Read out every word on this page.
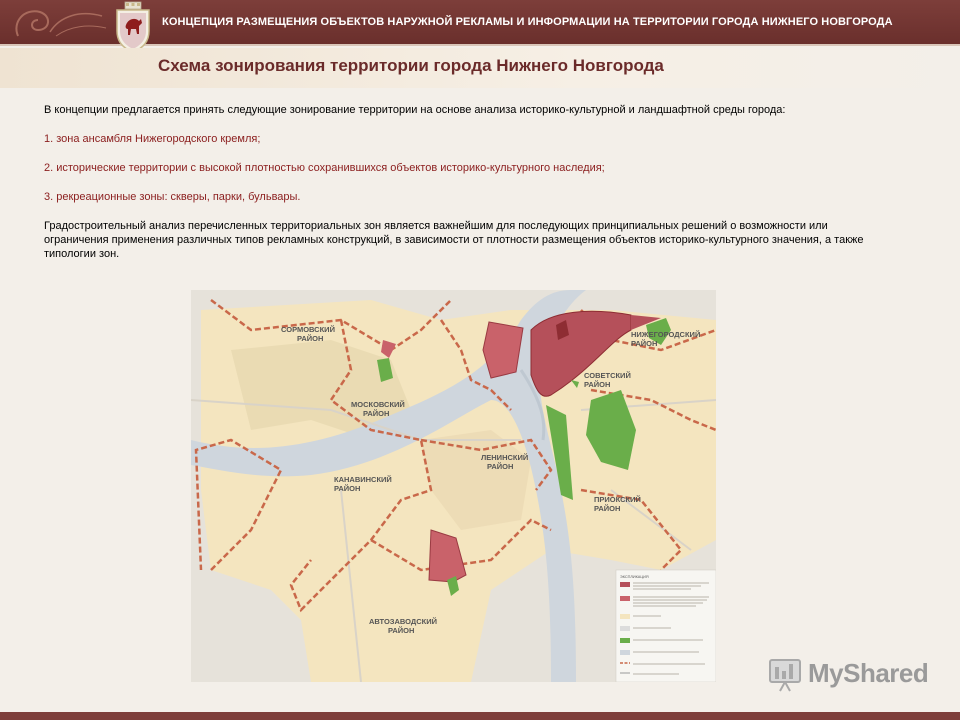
КОНЦЕПЦИЯ РАЗМЕЩЕНИЯ ОБЪЕКТОВ НАРУЖНОЙ РЕКЛАМЫ И ИНФОРМАЦИИ НА ТЕРРИТОРИИ ГОРОДА НИЖНЕГО НОВГОРОДА
Схема зонирования территории города Нижнего Новгорода

В концепции предлагается принять следующие зонирование территории на основе анализа историко-культурной и ландшафтной среды города:

1. зона ансамбля Нижегородского кремля;

2. исторические территории с высокой плотностью сохранившихся объектов историко-культурного наследия;

3. рекреационные зоны: скверы, парки, бульвары.

Градостроительный анализ перечисленных территориальных зон является важнейшим для последующих принципиальных решений о возможности или ограничения применения различных типов рекламных конструкций, в зависимости от плотности размещения объектов историко-культурного значения, а также типологии зон.

СОРМОВСКИЙ
РАЙОН
МОСКОВСКИЙ
РАЙОН
НИЖЕГОРОДСКИЙ
РАЙОН
СОВЕТСКИЙ
РАЙОН
ЛЕНИНСКИЙ
РАЙОН
КАНАВИНСКИЙ
РАЙОН
ПРИОКСКИЙ
РАЙОН
АВТОЗАВОДСКИЙ
РАЙОН
ЭКСПЛИКАЦИЯ
MyShared
